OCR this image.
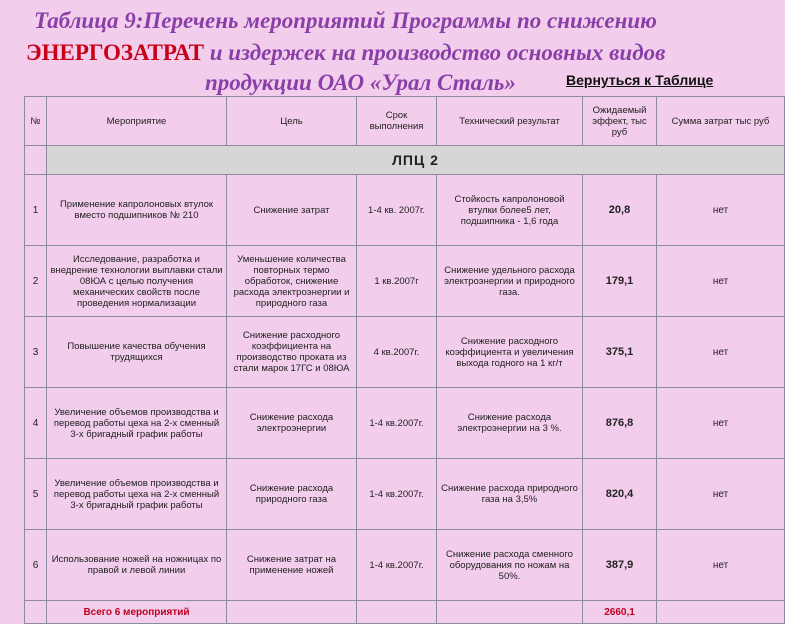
Таблица 9:Перечень мероприятий Программы по снижению
ЭНЕРГОЗАТРАТ и издержек на производство основных видов
продукции ОАО «Урал Сталь»	Вернуться к Таблице
№	Мероприятие	Цель	Срок выполнения	Технический результат	Ожидаемый эффект, тыс руб	Сумма затрат тыс руб
	ЛПЦ 2					
1	Применение капролоновых втулок вместо подшипников № 210	Снижение затрат	1-4 кв. 2007г.	Стойкость капролоновой втулки более5 лет, подшипника - 1,6 года	20,8	нет
2	Исследование, разработка и внедрение технологии выплавки стали 08ЮА с целью получения механических свойств после проведения нормализации	Уменьшение количества повторных термо обработок, снижение расхода электроэнергии и природного газа	1 кв.2007г	Снижение удельного расхода электроэнергии и природного газа.	179,1	нет
3	Повышение качества обучения трудящихся	Снижение расходного коэффициента на производство проката из стали марок 17ГС и 08ЮА	4 кв.2007г.	Снижение расходного коэффициента и увеличения выхода годного на 1 кг/т	375,1	нет
4	Увеличение объемов производства и перевод работы цеха на 2-х сменный 3-х бригадный график работы	Снижение расхода электроэнергии	1-4 кв.2007г.	Снижение расхода электроэнергии на 3 %.	876,8	нет
5	Увеличение объемов производства и перевод работы цеха на 2-х сменный 3-х бригадный график работы	Снижение расхода природного газа	1-4 кв.2007г.	Снижение расхода природного газа на 3,5%	820,4	нет
6	Использование ножей на ножницах по правой и левой линии	Снижение затрат на применение ножей	1-4 кв.2007г.	Снижение расхода сменного оборудования по ножам на 50%.	387,9	нет
	Всего 6 мероприятий				2660,1	
